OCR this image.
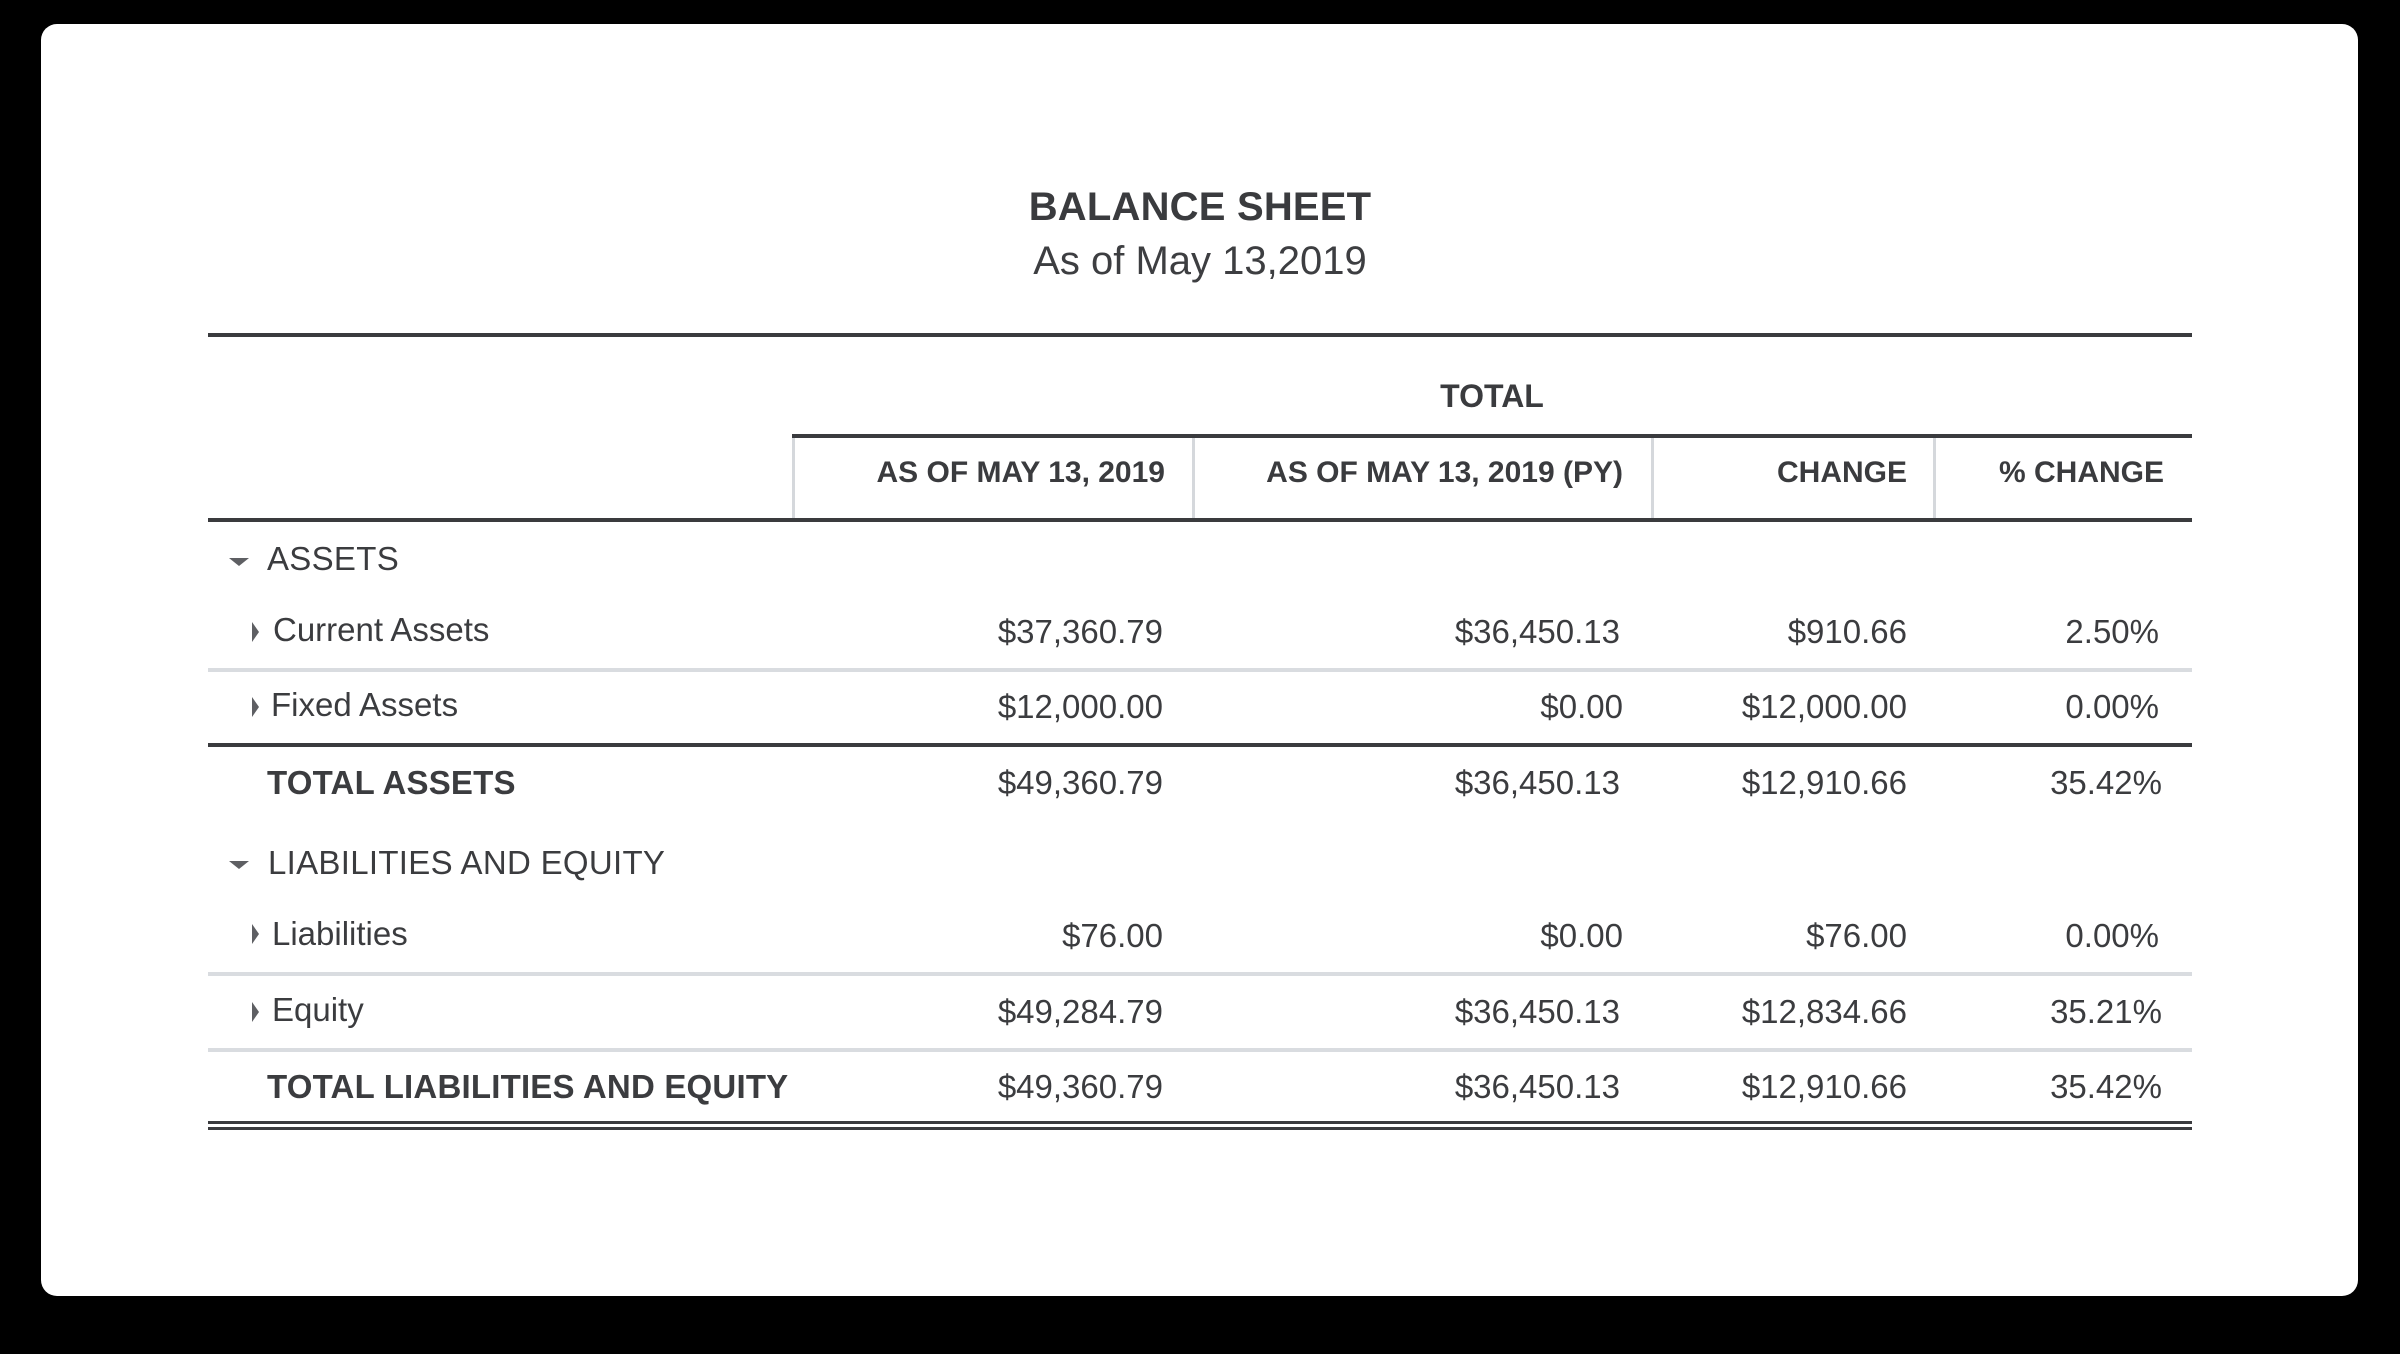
BALANCE SHEET
As of May 13,2019
TOTAL
AS OF MAY 13, 2019	AS OF MAY 13, 2019 (PY)	CHANGE	% CHANGE
ASSETS
Current Assets	$37,360.79	$36,450.13	$910.66	2.50%
Fixed Assets	$12,000.00	$0.00	$12,000.00	0.00%
TOTAL ASSETS	$49,360.79	$36,450.13	$12,910.66	35.42%
LIABILITIES AND EQUITY
Liabilities	$76.00	$0.00	$76.00	0.00%
Equity	$49,284.79	$36,450.13	$12,834.66	35.21%
TOTAL LIABILITIES AND EQUITY	$49,360.79	$36,450.13	$12,910.66	35.42%
